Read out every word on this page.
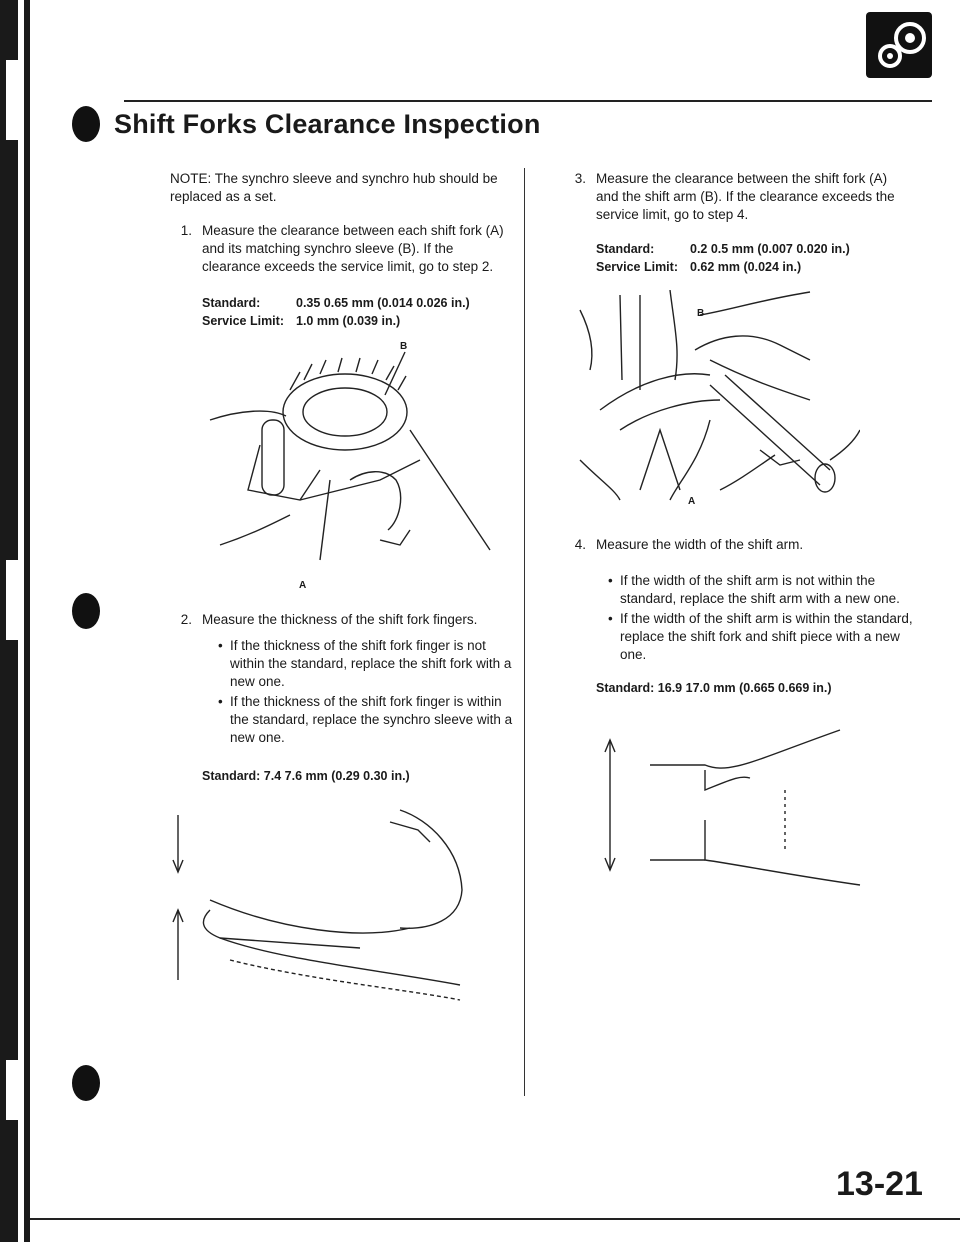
Shift Forks Clearance Inspection
NOTE: The synchro sleeve and synchro hub should be replaced as a set.
1. Measure the clearance between each shift fork (A)
and its matching synchro sleeve (B). If the
clearance exceeds the service limit, go to step 2.
Standard:	0.35 0.65 mm (0.014 0.026 in.)
Service Limit: 1.0 mm (0.039 in.)
B
A
2. Measure the thickness of the shift fork fingers.
• If the thickness of the shift fork finger is not
within the standard, replace the shift fork with a
new one.
• If the thickness of the shift fork finger is within
the standard, replace the synchro sleeve with a
new one.
Standard: 7.4 7.6 mm (0.29 0.30 in.)
3. Measure the clearance between the shift fork (A)
and the shift arm (B). If the clearance exceeds the
service limit, go to step 4.
Standard:	0.2 0.5 mm (0.007 0.020 in.)
Service Limit: 0.62 mm (0.024 in.)
B
A
4. Measure the width of the shift arm.
• If the width of the shift arm is not within the
standard, replace the shift arm with a new one.
• If the width of the shift arm is within the standard,
replace the shift fork and shift piece with a new
one.
Standard: 16.9 17.0 mm (0.665 0.669 in.)
13-21
